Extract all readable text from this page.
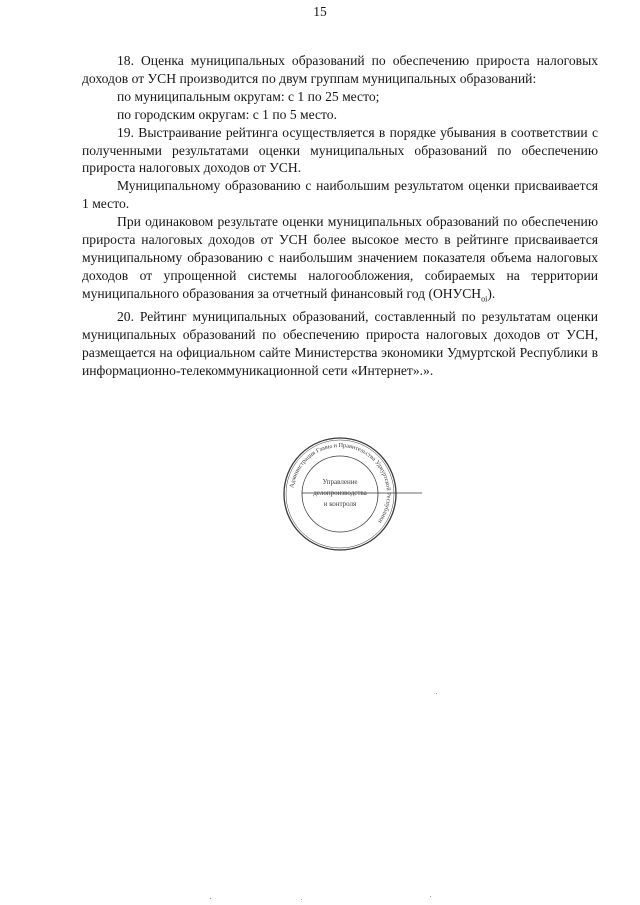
15

18. Оценка муниципальных образований по обеспечению прироста налоговых доходов от УСН производится по двум группам муниципальных образований:

по муниципальным округам: с 1 по 25 место;

по городским округам: с 1 по 5 место.

19. Выстраивание рейтинга осуществляется в порядке убывания в соответствии с полученными результатами оценки муниципальных образований по обеспечению прироста налоговых доходов от УСН.

Муниципальному образованию с наибольшим результатом оценки присваивается 1 место.

При одинаковом результате оценки муниципальных образований по обеспечению прироста налоговых доходов от УСН более высокое место в рейтинге присваивается муниципальному образованию с наибольшим значением показателя объема налоговых доходов от упрощенной системы налогообложения, собираемых на территории муниципального образования за отчетный финансовый год $(ОНУСН_{oi})$.

20. Рейтинг муниципальных образований, составленный по результатам оценки муниципальных образований по обеспечению прироста налоговых доходов от УСН, размещается на официальном сайте Министерства экономики Удмуртской Республики в информационно-телекоммуникационной сети «Интернет».».

Администрация Главы и Правительства Удмуртской Республики
Управление
делопроизводства
и контроля
